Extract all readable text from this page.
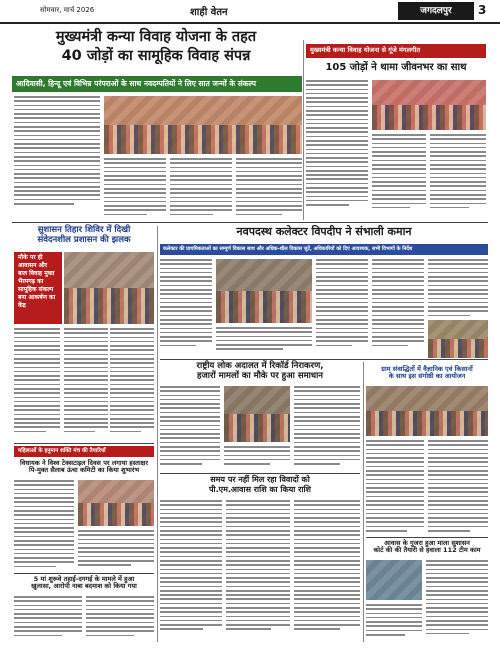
सोमवार, मार्च 2026	शाही वेतन	जगदलपुर	3
मुख्यमंत्री कन्या विवाह योजना के तहत
40 जोड़ों का सामूहिक विवाह संपन्न
आदिवासी, हिन्दू एवं विभिन्न परंपराओं के साथ नवदम्पतियों ने लिए सात जन्मों के संकल्प
मुख्यमंत्री कन्या विवाह योजना से गूंजे मंगलगीत
105 जोड़ों ने थामा जीवनभर का साथ
सुशासन तिहार शिविर में दिखी
संवेदनशील प्रशासन की झलक
मौके पर ही आवासन और बाल विवाह मुक्त भैरमगढ़ का सामूहिक संकल्प बना आकर्षण का केंद्र
नवपदस्थ कलेक्टर विपदीप ने संभाली कमान
कलेक्टर की प्राथमिकताओं का सम्पूर्ण विकास साथ और अधिक-शील विकास जुटें, अधिकारियों को दिए आवश्यक, सभी विभागों के निर्देश
महिलाओं के हनुमान शक्ति मंच की तैयारियाँ
विधायक ने विश्व टेक्सटाइल दिवस पर लगाया हस्ताक्षर
पि-मुक्त सैलाब ऊंचा कमिटी का किया शुभारंभ
राष्ट्रीय लोक अदालत में रिकॉर्ड निराकरण,
हजारों मामलों का मौके पर हुआ समाधान
ग्राम संवाद्धितों में वैज्ञानिक एवं किसानों
के साथ इस संगोष्ठी का आयोजन
समय पर नहीं मिल रहा विवादों को
पी.एम.आवास राशि का किया राशि
5 मां शुरूवे तहाई-दगगई के मामले में हुआ
खुलासा, आरोपी नाबा बदमाश को किया गया
आवास के गुजरा हुआ माला सुशासन
कोर्ट की की तैयारी से हवाला 112 टीम काम
